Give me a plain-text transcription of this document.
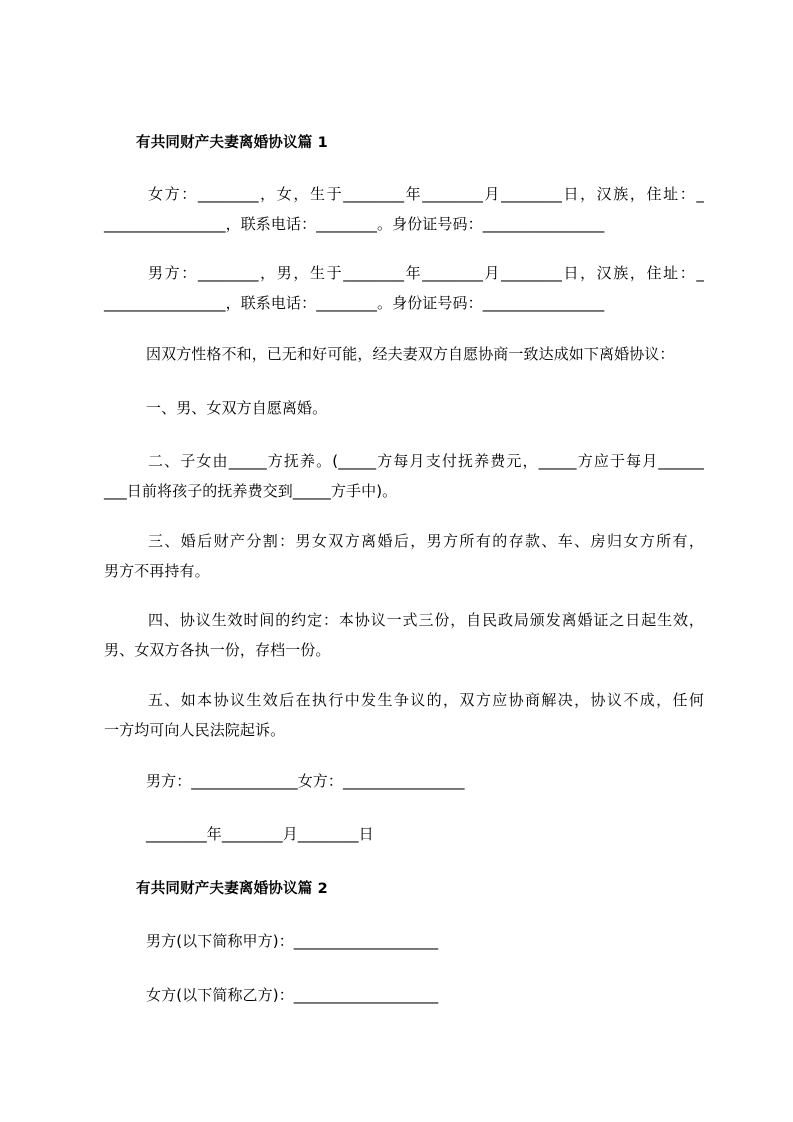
有共同财产夫妻离婚协议篇 1
女方：________，女，生于________年________月________日，汉族，住址：_
________________，联系电话：________。身份证号码：________________
男方：________，男，生于________年________月________日，汉族，住址：_
________________，联系电话：________。身份证号码：________________
因双方性格不和，已无和好可能，经夫妻双方自愿协商一致达成如下离婚协议：
一、男、女双方自愿离婚。
二、子女由_____方抚养。(_____方每月支付抚养费元，_____方应于每月______
___日前将孩子的抚养费交到_____方手中)。
三、婚后财产分割：男女双方离婚后，男方所有的存款、车、房归女方所有，
男方不再持有。
四、协议生效时间的约定：本协议一式三份，自民政局颁发离婚证之日起生效，
男、女双方各执一份，存档一份。
五、如本协议生效后在执行中发生争议的，双方应协商解决，协议不成，任何
一方均可向人民法院起诉。
男方：______________女方：________________
________年________月________日
有共同财产夫妻离婚协议篇 2
男方(以下简称甲方)：___________________
女方(以下简称乙方)：___________________
